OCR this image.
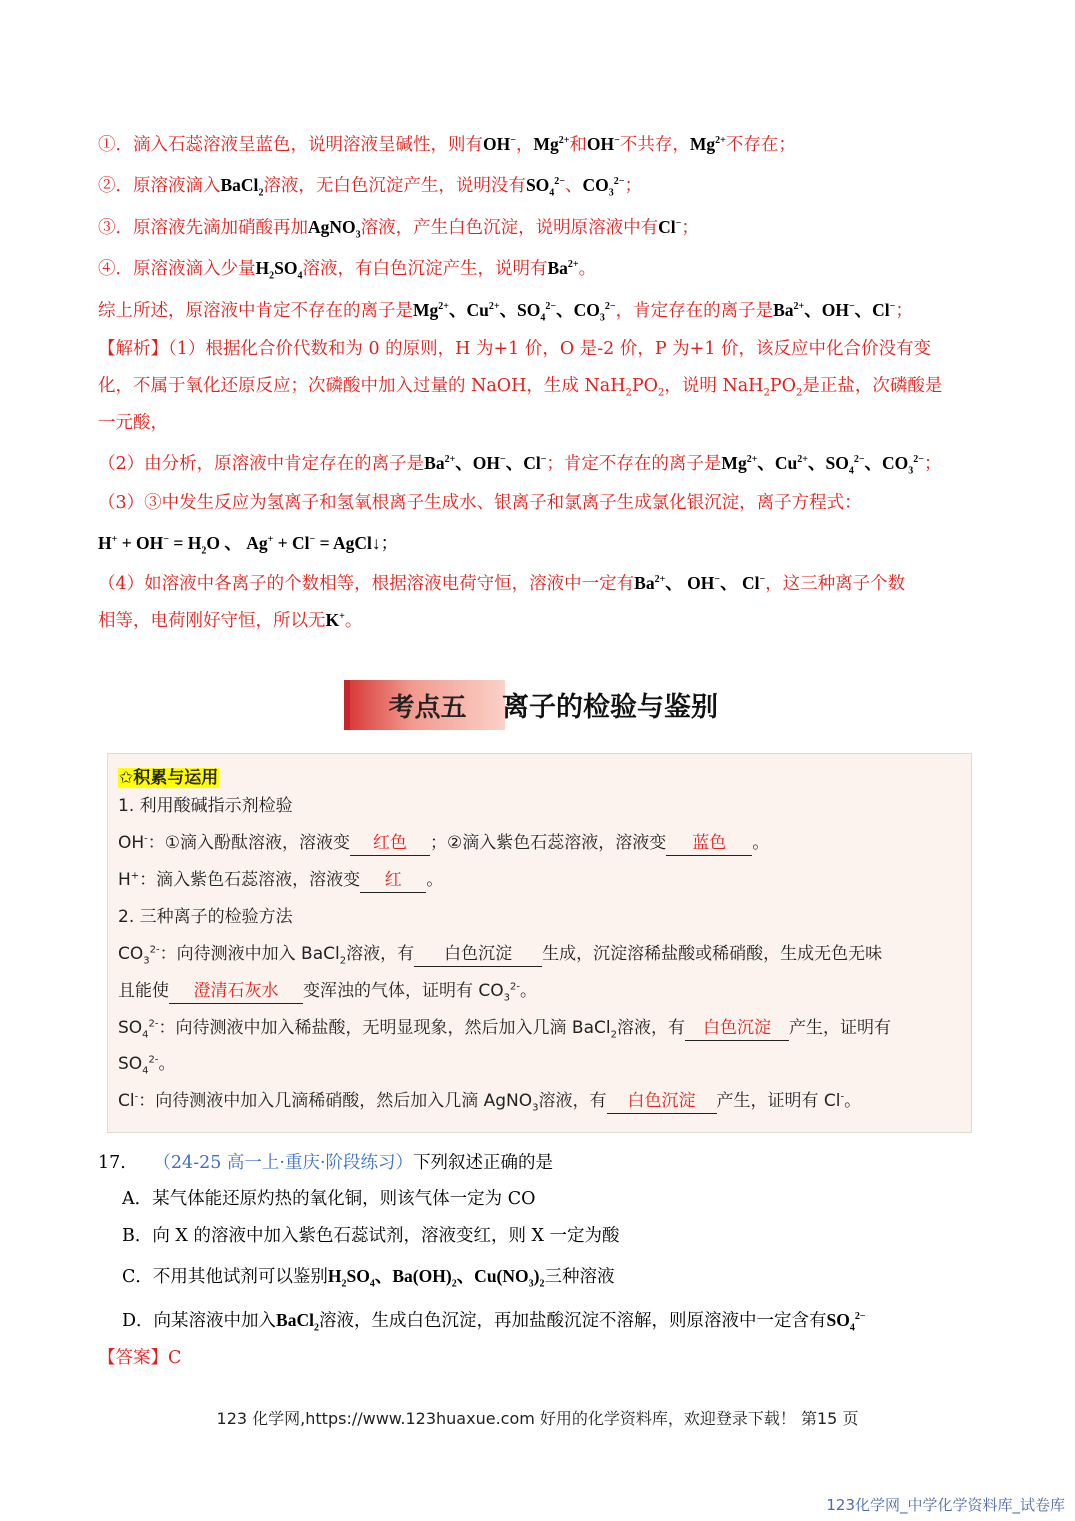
①．滴入石蕊溶液呈蓝色，说明溶液呈碱性，则有OH−，$Mg^{2+}$和OH−不共存，$Mg^{2+}$不存在；
②．原溶液滴入BaCl$_2$溶液，无白色沉淀产生，说明没有$SO_4^{2-}$、$CO_3^{2-}$；
③．原溶液先滴加硝酸再加AgNO$_3$溶液，产生白色沉淀，说明原溶液中有Cl−；
④．原溶液滴入少量$H_2SO_4$溶液，有白色沉淀产生，说明有$Ba^{2+}$。
综上所述，原溶液中肯定不存在的离子是$Mg^{2+}$、$Cu^{2+}$、$SO_4^{2-}$、$CO_3^{2-}$，肯定存在的离子是$Ba^{2+}$、OH−、Cl−；
【解析】（1）根据化合价代数和为 0 的原则，H 为+1 价，O 是-2 价，P 为+1 价，该反应中化合价没有变
化，不属于氧化还原反应；次磷酸中加入过量的 NaOH，生成 $NaH_2PO_2$，说明 $NaH_2PO_2$是正盐，次磷酸是
一元酸，
（2）由分析，原溶液中肯定存在的离子是$Ba^{2+}$、OH−、Cl−；肯定不存在的离子是$Mg^{2+}$、$Cu^{2+}$、$SO_4^{2-}$、$CO_3^{2-}$；
（3）③中发生反应为氢离子和氢氧根离子生成水、银离子和氯离子生成氯化银沉淀，离子方程式：
$H^+ + OH^- = H_2O$ 、 Ag+ + Cl− = AgCl↓；
（4）如溶液中各离子的个数相等，根据溶液电荷守恒，溶液中一定有$Ba^{2+}$、 OH−、 Cl−，这三种离子个数
相等，电荷刚好守恒，所以无K+。
考点五 离子的检验与鉴别
✩积累与运用
1. 利用酸碱指示剂检验
OH-：①滴入酚酞溶液，溶液变 红色 ；②滴入紫色石蕊溶液，溶液变 蓝色 。
H+：滴入紫色石蕊溶液，溶液变 红 。
2. 三种离子的检验方法
$CO_3^{2-}$：向待测液中加入 BaCl$_2$溶液，有 白色沉淀 生成，沉淀溶稀盐酸或稀硝酸，生成无色无味
且能使 澄清石灰水 变浑浊的气体，证明有 $CO_3^{2-}$。
$SO_4^{2-}$：向待测液中加入稀盐酸，无明显现象，然后加入几滴 BaCl$_2$溶液，有 白色沉淀 产生，证明有
$SO_4^{2-}$。
Cl-：向待测液中加入几滴稀硝酸，然后加入几滴 AgNO$_3$溶液，有 白色沉淀 产生，证明有 Cl-。
17. （24-25 高一上·重庆·阶段练习）下列叙述正确的是
A．某气体能还原灼热的氧化铜，则该气体一定为 CO
B．向 X 的溶液中加入紫色石蕊试剂，溶液变红，则 X 一定为酸
C．不用其他试剂可以鉴别$H_2SO_4$、$Ba(OH)_2$、$Cu(NO_3)_2$三种溶液
D．向某溶液中加入BaCl$_2$溶液，生成白色沉淀，再加盐酸沉淀不溶解，则原溶液中一定含有$SO_4^{2-}$
【答案】C
123 化学网,https://www.123huaxue.com 好用的化学资料库，欢迎登录下载！ 第15 页
123化学网_中学化学资料库_试卷库
